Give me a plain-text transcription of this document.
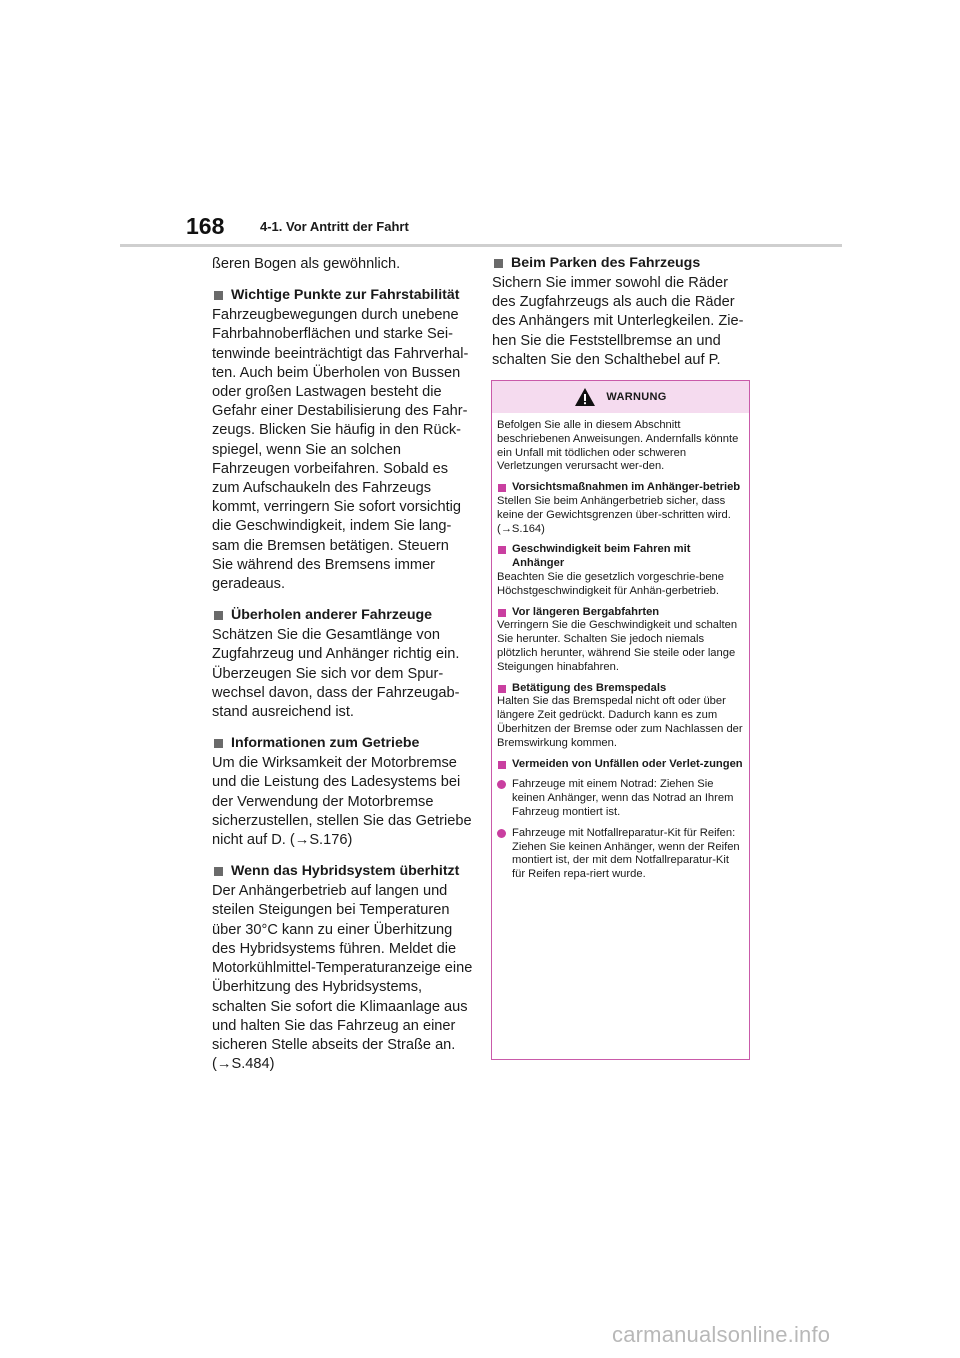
168	4-1. Vor Antritt der Fahrt

ßeren Bogen als gewöhnlich.

Wichtige Punkte zur Fahrstabilität

Fahrzeugbewegungen durch unebene Fahrbahnoberflächen und starke Sei-tenwinde beeinträchtigt das Fahrverhal-ten. Auch beim Überholen von Bussen oder großen Lastwagen besteht die Gefahr einer Destabilisierung des Fahr-zeugs. Blicken Sie häufig in den Rück-spiegel, wenn Sie an solchen Fahrzeugen vorbeifahren. Sobald es zum Aufschaukeln des Fahrzeugs kommt, verringern Sie sofort vorsichtig die Geschwindigkeit, indem Sie lang-sam die Bremsen betätigen. Steuern Sie während des Bremsens immer geradeaus.

Überholen anderer Fahrzeuge

Schätzen Sie die Gesamtlänge von Zugfahrzeug und Anhänger richtig ein. Überzeugen Sie sich vor dem Spur-wechsel davon, dass der Fahrzeugab-stand ausreichend ist.

Informationen zum Getriebe

Um die Wirksamkeit der Motorbremse und die Leistung des Ladesystems bei der Verwendung der Motorbremse sicherzustellen, stellen Sie das Getriebe nicht auf D. (→S.176)

Wenn das Hybridsystem überhitzt

Der Anhängerbetrieb auf langen und steilen Steigungen bei Temperaturen über 30°C kann zu einer Überhitzung des Hybridsystems führen. Meldet die Motorkühlmittel-Temperaturanzeige eine Überhitzung des Hybridsystems, schalten Sie sofort die Klimaanlage aus und halten Sie das Fahrzeug an einer sicheren Stelle abseits der Straße an. (→S.484)

Beim Parken des Fahrzeugs

Sichern Sie immer sowohl die Räder des Zugfahrzeugs als auch die Räder des Anhängers mit Unterlegkeilen. Zie-hen Sie die Feststellbremse an und schalten Sie den Schalthebel auf P.

WARNUNG

Befolgen Sie alle in diesem Abschnitt beschriebenen Anweisungen. Andernfalls könnte ein Unfall mit tödlichen oder schweren Verletzungen verursacht wer-den.

Vorsichtsmaßnahmen im Anhänger-betrieb

Stellen Sie beim Anhängerbetrieb sicher, dass keine der Gewichtsgrenzen über-schritten wird. (→S.164)

Geschwindigkeit beim Fahren mit Anhänger

Beachten Sie die gesetzlich vorgeschrie-bene Höchstgeschwindigkeit für Anhän-gerbetrieb.

Vor längeren Bergabfahrten

Verringern Sie die Geschwindigkeit und schalten Sie herunter. Schalten Sie jedoch niemals plötzlich herunter, während Sie steile oder lange Steigungen hinabfahren.

Betätigung des Bremspedals

Halten Sie das Bremspedal nicht oft oder über längere Zeit gedrückt. Dadurch kann es zum Überhitzen der Bremse oder zum Nachlassen der Bremswirkung kommen.

Vermeiden von Unfällen oder Verlet-zungen
Fahrzeuge mit einem Notrad: Ziehen Sie keinen Anhänger, wenn das Notrad an Ihrem Fahrzeug montiert ist.
Fahrzeuge mit Notfallreparatur-Kit für Reifen: Ziehen Sie keinen Anhänger, wenn der Reifen montiert ist, der mit dem Notfallreparatur-Kit für Reifen repa-riert wurde.
carmanualsonline.info
